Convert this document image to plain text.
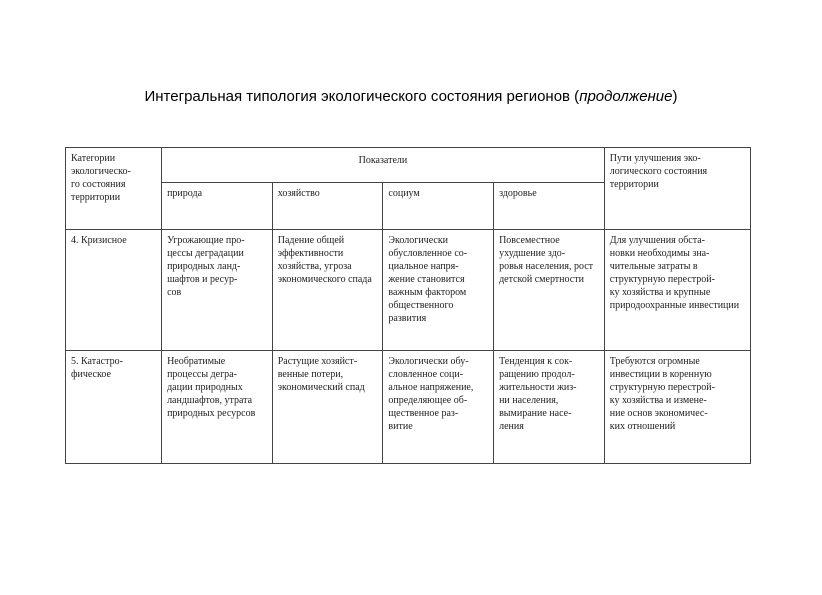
Интегральная типология экологического состояния регионов (продолжение)
Категории экологическо-
го состояния территории	Показатели				Пути улучшения эко-
логического состояния территории
	природа	хозяйство	социум	здоровье	
4. Кризисное	Угрожающие про-
цессы деградации природных ланд-
шафтов и ресур-
сов	Падение общей эффективности хозяйства, угроза экономического спада	Экологически обусловленное со-
циальное напря-
жение становится важным фактором общественного развития	Повсеместное ухудшение здо-
ровья населения, рост детской смертности	Для улучшения обста-
новки необходимы зна-
чительные затраты в структурную перестрой-
ку хозяйства и крупные природоохранные инвестиции
5. Катастро-
фическое	Необратимые процессы дегра-
дации природных ландшафтов, утрата природных ресурсов	Растущие хозяйст-
венные потери, экономический спад	Экологически обу-
словленное соци-
альное напряжение, определяющее об-
щественное раз-
витие	Тенденция к сок-
ращению продол-
жительности жиз-
ни населения, вымирание насе-
ления	Требуются огромные инвестиции в коренную структурную перестрой-
ку хозяйства и измене-
ние основ экономичес-
ких отношений
